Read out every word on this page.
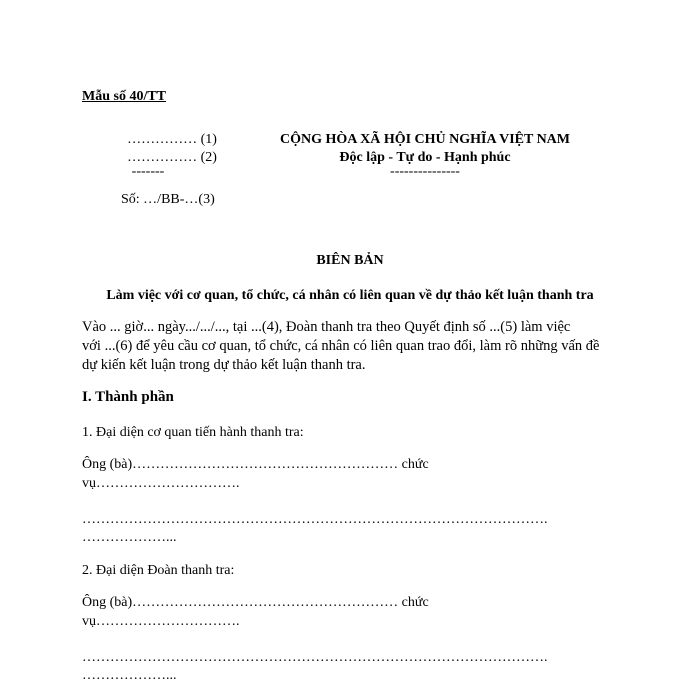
Mẫu số 40/TT
…………… (1)
…………… (2)
-------
Số: …/BB-…(3)
CỘNG HÒA XÃ HỘI CHỦ NGHĨA VIỆT NAM
Độc lập - Tự do - Hạnh phúc
---------------
BIÊN BẢN
Làm việc với cơ quan, tổ chức, cá nhân có liên quan về dự thảo kết luận thanh tra
Vào ... giờ... ngày.../.../..., tại ...(4), Đoàn thanh tra theo Quyết định số ...(5) làm việc
với ...(6) để yêu cầu cơ quan, tổ chức, cá nhân có liên quan trao đổi, làm rõ những vấn đề
dự kiến kết luận trong dự thảo kết luận thanh tra.
I. Thành phần
1. Đại diện cơ quan tiến hành thanh tra:
Ông (bà)………………………………………………… chức
vụ………………………….
……………………………………………………………………………………….
………………...
2. Đại diện Đoàn thanh tra:
Ông (bà)………………………………………………… chức
vụ………………………….
……………………………………………………………………………………….
………………...
